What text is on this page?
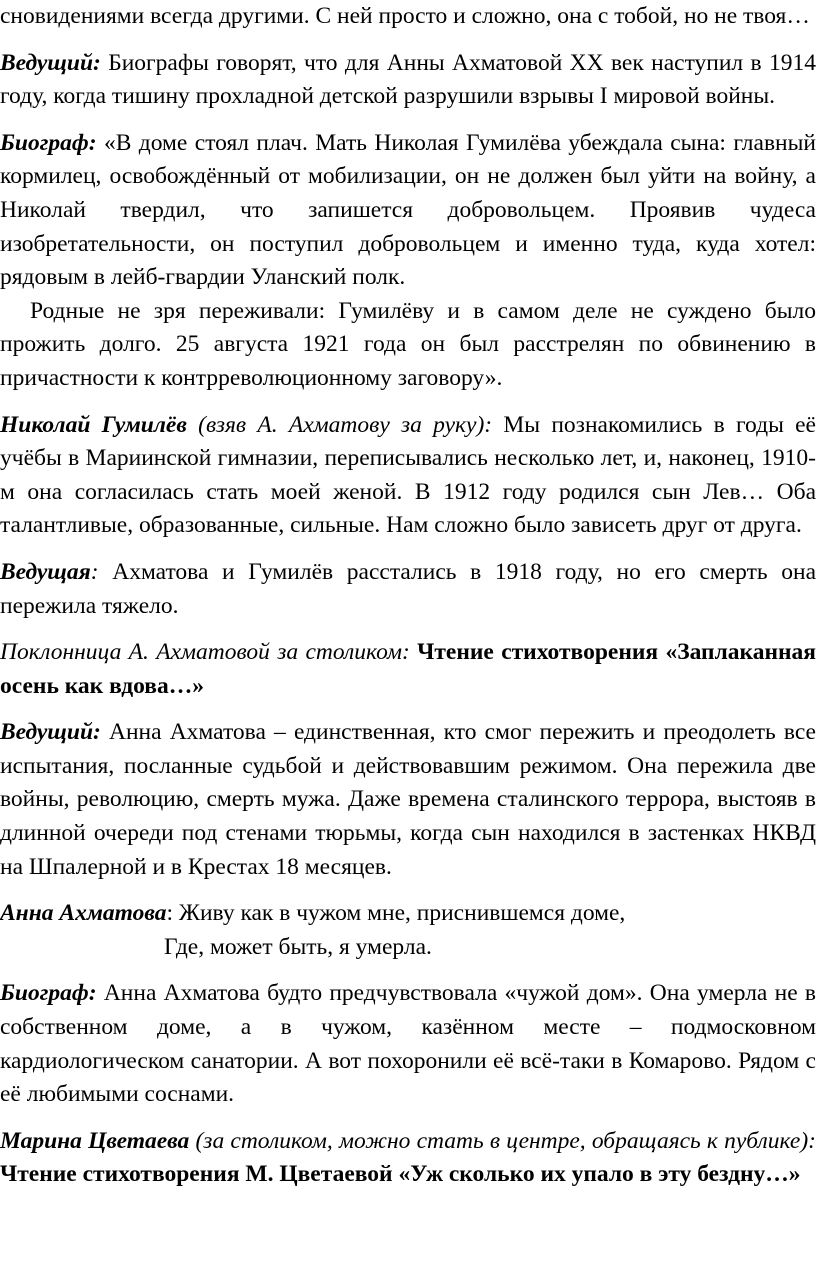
сновидениями всегда другими. С ней просто и сложно, она с тобой, но не твоя…

Ведущий: Биографы говорят, что для Анны Ахматовой XX век наступил в 1914 году, когда тишину прохладной детской разрушили взрывы I мировой войны.

Биограф: «В доме стоял плач. Мать Николая Гумилёва убеждала сына: главный кормилец, освобождённый от мобилизации, он не должен был уйти на войну, а Николай твердил, что запишется добровольцем. Проявив чудеса изобретательности, он поступил добровольцем и именно туда, куда хотел: рядовым в лейб-гвардии Уланский полк.

Родные не зря переживали: Гумилёву и в самом деле не суждено было прожить долго. 25 августа 1921 года он был расстрелян по обвинению в причастности к контрреволюционному заговору».

Николай Гумилёв (взяв А. Ахматову за руку): Мы познакомились в годы её учёбы в Мариинской гимназии, переписывались несколько лет, и, наконец, 1910-м она согласилась стать моей женой. В 1912 году родился сын Лев… Оба талантливые, образованные, сильные. Нам сложно было зависеть друг от друга.

Ведущая: Ахматова и Гумилёв расстались в 1918 году, но его смерть она пережила тяжело.

Поклонница А. Ахматовой за столиком: Чтение стихотворения «Заплаканная осень как вдова…»

Ведущий: Анна Ахматова – единственная, кто смог пережить и преодолеть все испытания, посланные судьбой и действовавшим режимом. Она пережила две войны, революцию, смерть мужа. Даже времена сталинского террора, выстояв в длинной очереди под стенами тюрьмы, когда сын находился в застенках НКВД на Шпалерной и в Крестах 18 месяцев.

Анна Ахматова: Живу как в чужом мне, приснившемся доме,
Где, может быть, я умерла.

Биограф: Анна Ахматова будто предчувствовала «чужой дом». Она умерла не в собственном доме, а в чужом, казённом месте – подмосковном кардиологическом санатории. А вот похоронили её всё-таки в Комарово. Рядом с её любимыми соснами.

Марина Цветаева (за столиком, можно стать в центре, обращаясь к публике): Чтение стихотворения М. Цветаевой «Уж сколько их упало в эту бездну…»
